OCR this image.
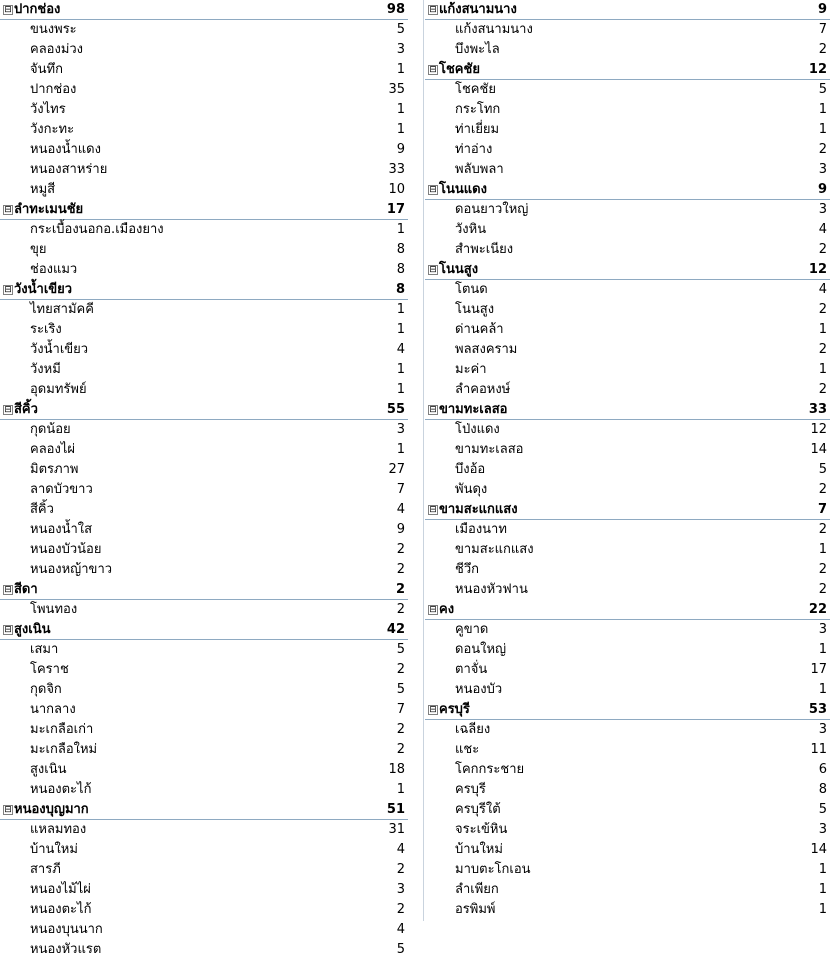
⊟ ปากช่อง	98
ขนงพระ	5
คลองม่วง	3
จันทึก	1
ปากช่อง	35
วังไทร	1
วังกะทะ	1
หนองน้ำแดง	9
หนองสาหร่าย	33
หมูสี	10
⊟ ลำทะเมนชัย	17
กระเบื้องนอกอ.เมืองยาง	1
ขุย	8
ช่องแมว	8
⊟ วังน้ำเขียว	8
ไทยสามัคคี	1
ระเริง	1
วังน้ำเขียว	4
วังหมี	1
อุดมทรัพย์	1
⊟ สีคิ้ว	55
กุดน้อย	3
คลองไผ่	1
มิตรภาพ	27
ลาดบัวขาว	7
สีคิ้ว	4
หนองน้ำใส	9
หนองบัวน้อย	2
หนองหญ้าขาว	2
⊟ สีดา	2
โพนทอง	2
⊟ สูงเนิน	42
เสมา	5
โคราช	2
กุดจิก	5
นากลาง	7
มะเกลือเก่า	2
มะเกลือใหม่	2
สูงเนิน	18
หนองตะไก้	1
⊟ หนองบุญมาก	51
แหลมทอง	31
บ้านใหม่	4
สารภี	2
หนองไม้ไผ่	3
หนองตะไก้	2
หนองบุนนาก	4
หนองหัวแรต	5
⊟ แก้งสนามนาง	9
แก้งสนามนาง	7
บึงพะไล	2
⊟ โชคชัย	12
โชคชัย	5
กระโทก	1
ท่าเยี่ยม	1
ท่าอ่าง	2
พลับพลา	3
⊟ โนนแดง	9
ดอนยาวใหญ่	3
วังหิน	4
สำพะเนียง	2
⊟ โนนสูง	12
โตนด	4
โนนสูง	2
ด่านคล้า	1
พลสงคราม	2
มะค่า	1
ลำคอหงษ์	2
⊟ ขามทะเลสอ	33
โป่งแดง	12
ขามทะเลสอ	14
บึงอ้อ	5
พันดุง	2
⊟ ขามสะแกแสง	7
เมืองนาท	2
ขามสะแกแสง	1
ชีวึก	2
หนองหัวฟาน	2
⊟ คง	22
คูขาด	3
ดอนใหญ่	1
ตาจั่น	17
หนองบัว	1
⊟ ครบุรี	53
เฉลียง	3
แชะ	11
โคกกระชาย	6
ครบุรี	8
ครบุรีใต้	5
จระเข้หิน	3
บ้านใหม่	14
มาบตะโกเอน	1
ลำเพียก	1
อรพิมพ์	1
